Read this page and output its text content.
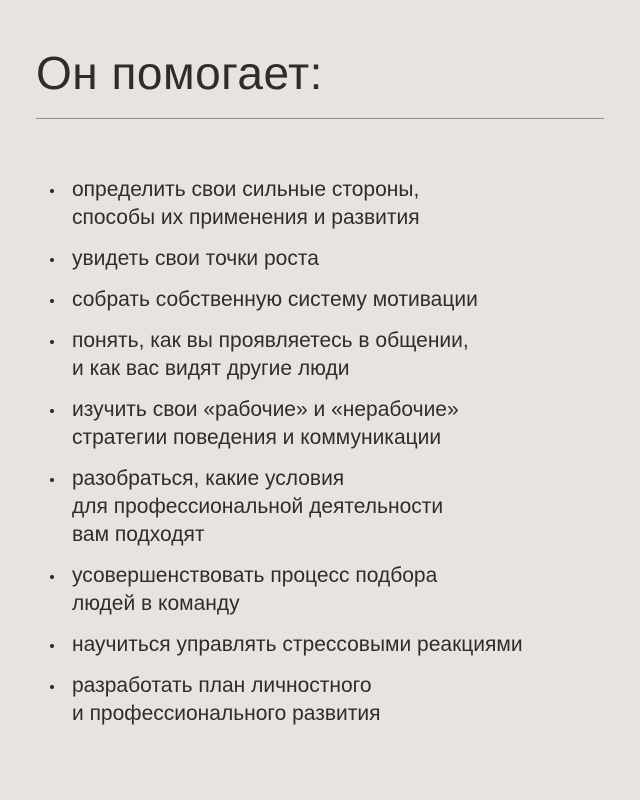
Он помогает:
определить свои сильные стороны,
способы их применения и развития
увидеть свои точки роста
собрать собственную систему мотивации
понять, как вы проявляетесь в общении,
и как вас видят другие люди
изучить свои «рабочие» и «нерабочие»
стратегии поведения и коммуникации
разобраться, какие условия
для профессиональной деятельности
вам подходят
усовершенствовать процесс подбора
людей в команду
научиться управлять стрессовыми реакциями
разработать план личностного
и профессионального развития
